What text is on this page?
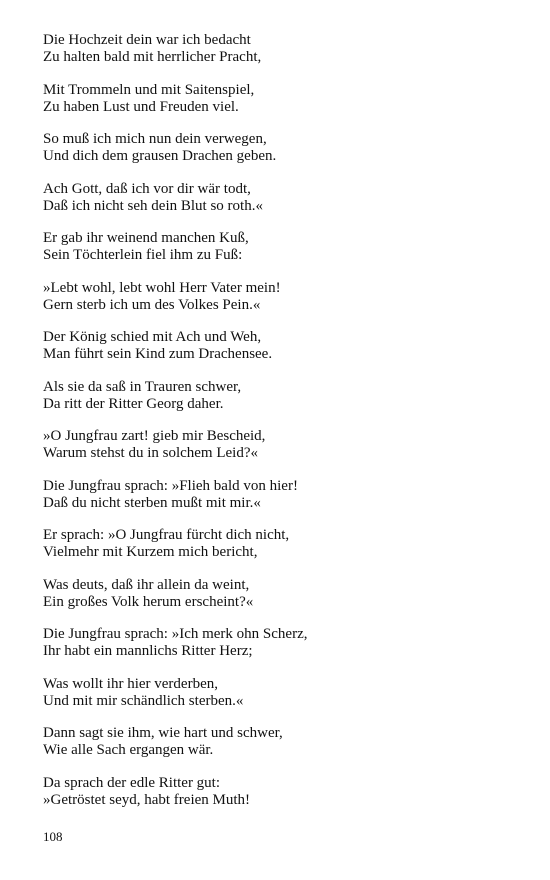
Die Hochzeit dein war ich bedacht
Zu halten bald mit herrlicher Pracht,
Mit Trommeln und mit Saitenspiel,
Zu haben Lust und Freuden viel.
So muß ich mich nun dein verwegen,
Und dich dem grausen Drachen geben.
Ach Gott, daß ich vor dir wär todt,
Daß ich nicht seh dein Blut so roth.«
Er gab ihr weinend manchen Kuß,
Sein Töchterlein fiel ihm zu Fuß:
»Lebt wohl, lebt wohl Herr Vater mein!
Gern sterb ich um des Volkes Pein.«
Der König schied mit Ach und Weh,
Man führt sein Kind zum Drachensee.
Als sie da saß in Trauren schwer,
Da ritt der Ritter Georg daher.
»O Jungfrau zart! gieb mir Bescheid,
Warum stehst du in solchem Leid?«
Die Jungfrau sprach: »Flieh bald von hier!
Daß du nicht sterben mußt mit mir.«
Er sprach: »O Jungfrau fürcht dich nicht,
Vielmehr mit Kurzem mich bericht,
Was deuts, daß ihr allein da weint,
Ein großes Volk herum erscheint?«
Die Jungfrau sprach: »Ich merk ohn Scherz,
Ihr habt ein mannlichs Ritter Herz;
Was wollt ihr hier verderben,
Und mit mir schändlich sterben.«
Dann sagt sie ihm, wie hart und schwer,
Wie alle Sach ergangen wär.
Da sprach der edle Ritter gut:
»Getröstet seyd, habt freien Muth!
108
